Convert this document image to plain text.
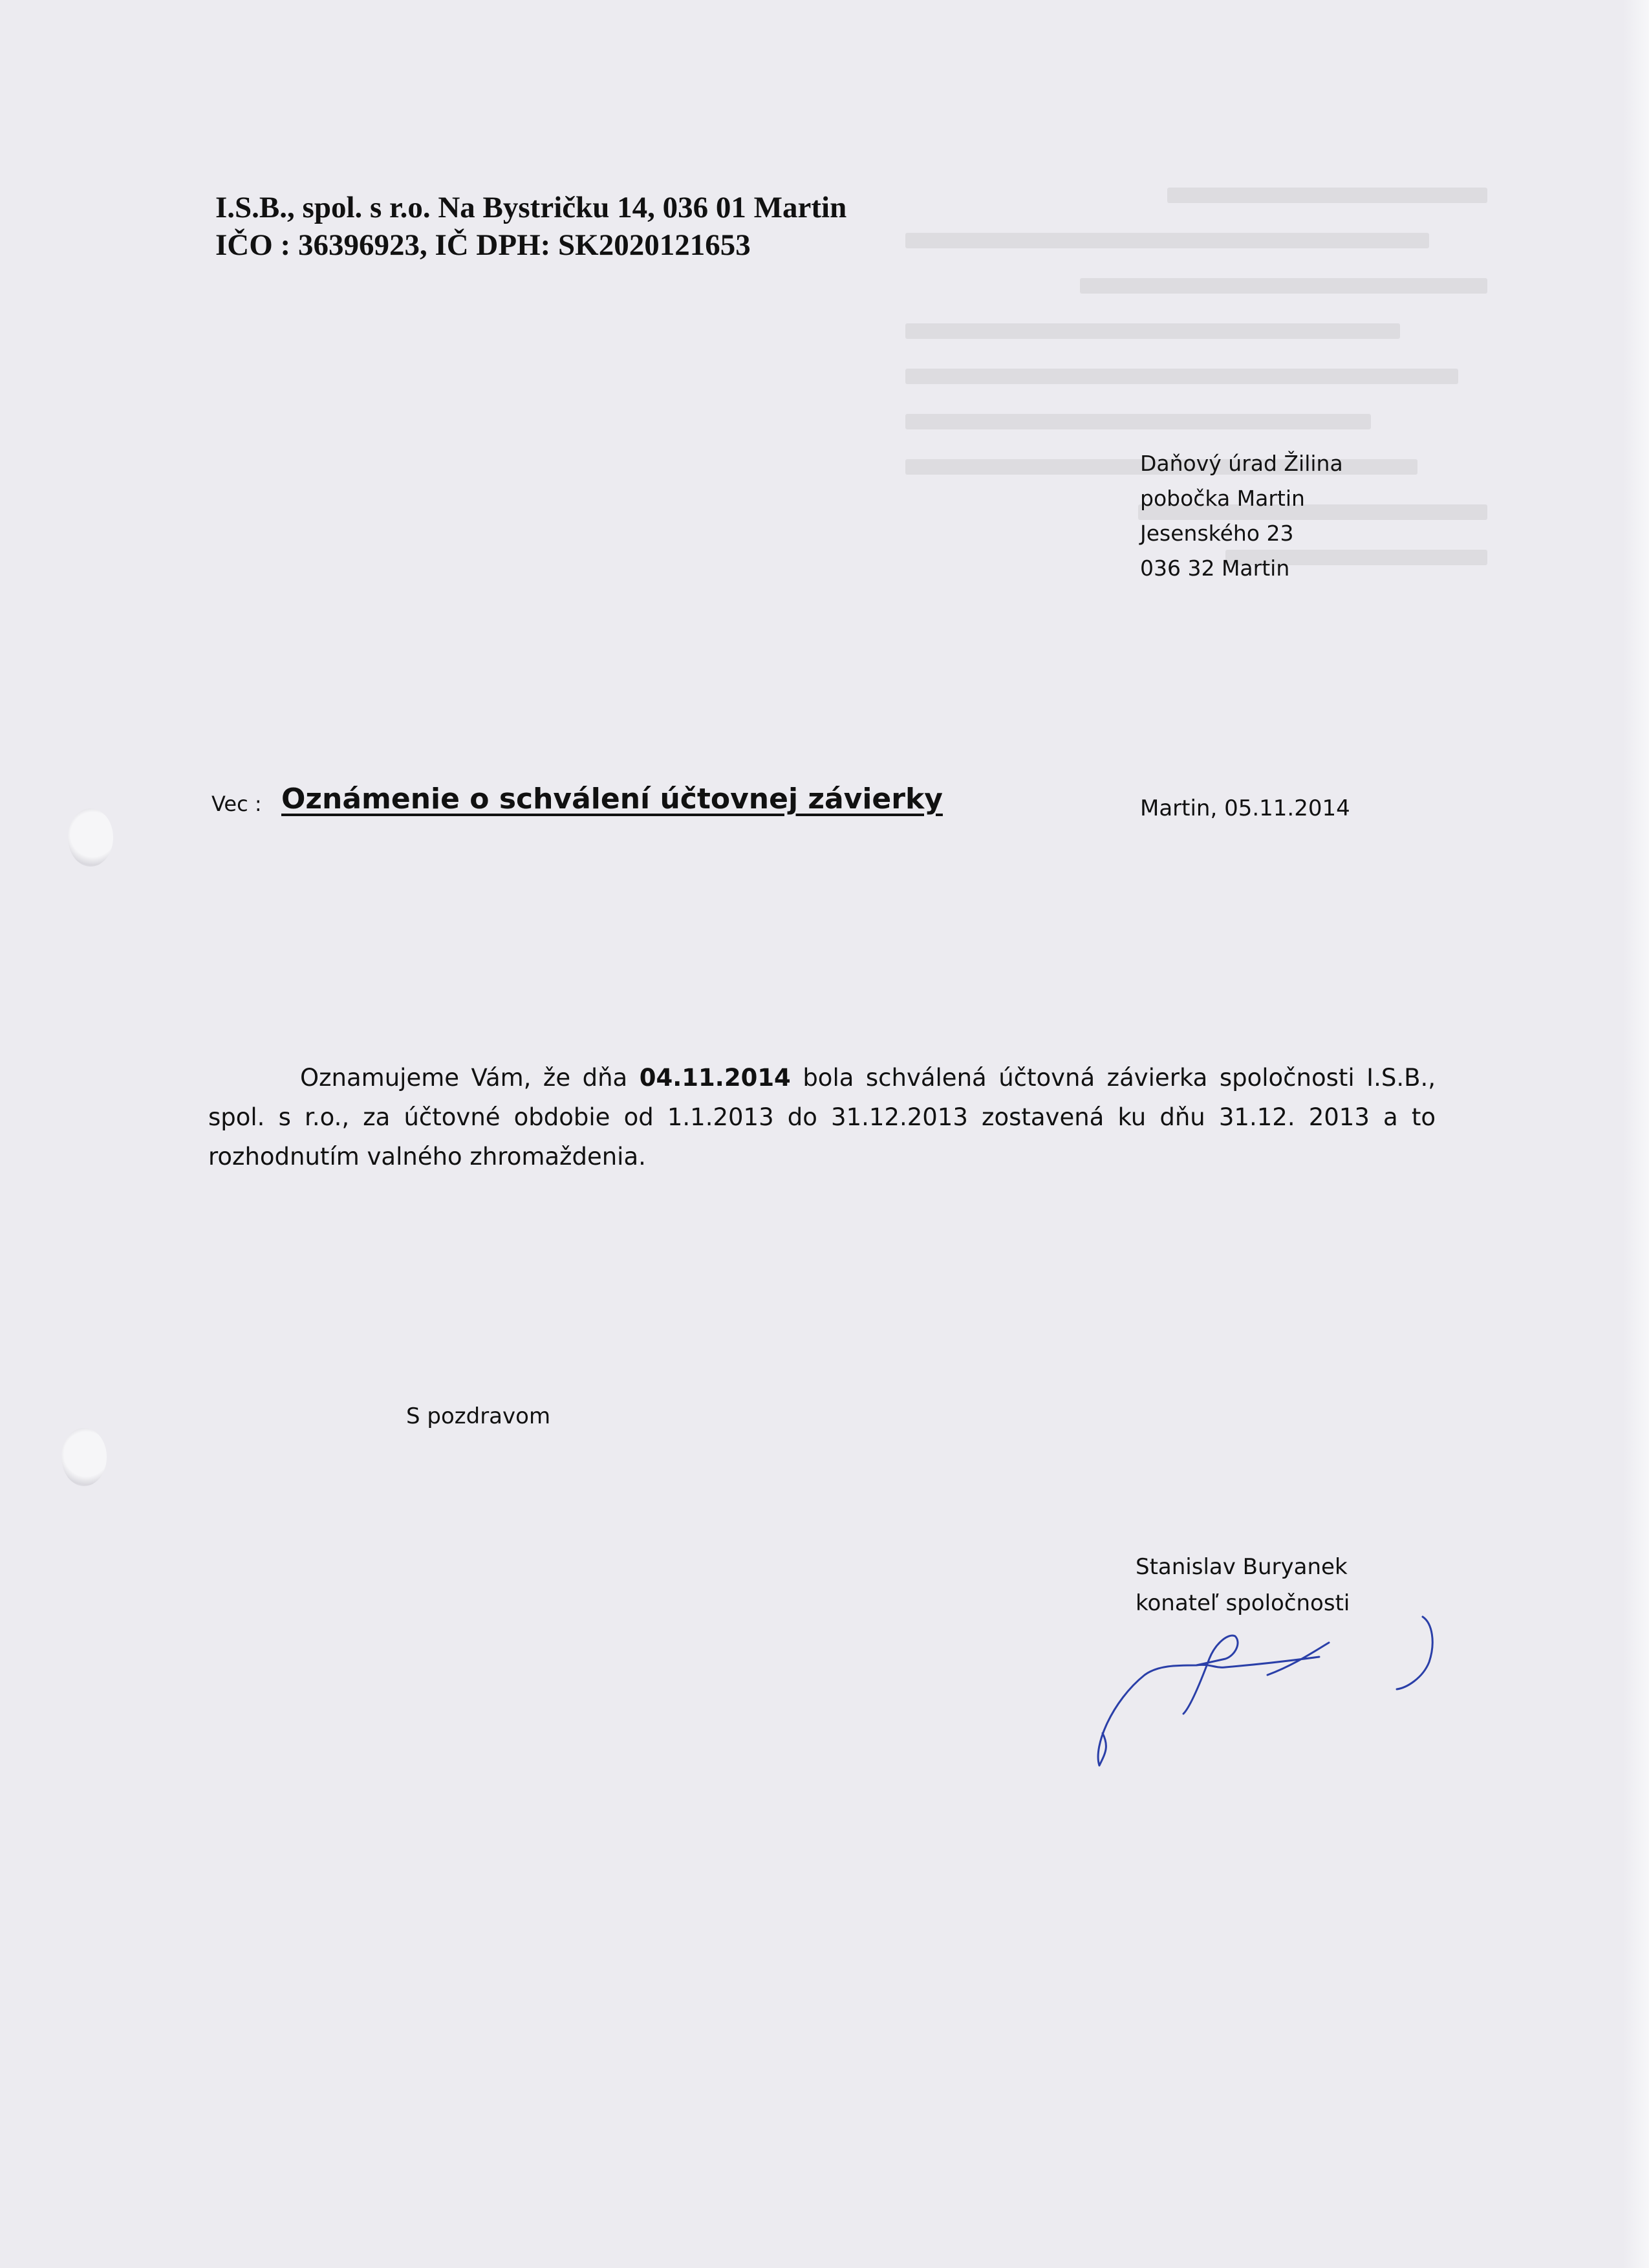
I.S.B., spol. s r.o. Na Bystričku 14, 036 01 Martin
IČO : 36396923, IČ DPH: SK2020121653
Daňový úrad Žilina
pobočka Martin
Jesenského 23
036 32 Martin
Vec : Oznámenie o schválení účtovnej závierky	Martin, 05.11.2014

Oznamujeme Vám, že dňa 04.11.2014 bola schválená účtovná závierka spoločnosti I.S.B., spol. s r.o., za účtovné obdobie od 1.1.2013 do 31.12.2013 zostavená ku dňu 31.12. 2013 a to rozhodnutím valného zhromaždenia.

S pozdravom
Stanislav Buryanek
konateľ spoločnosti
